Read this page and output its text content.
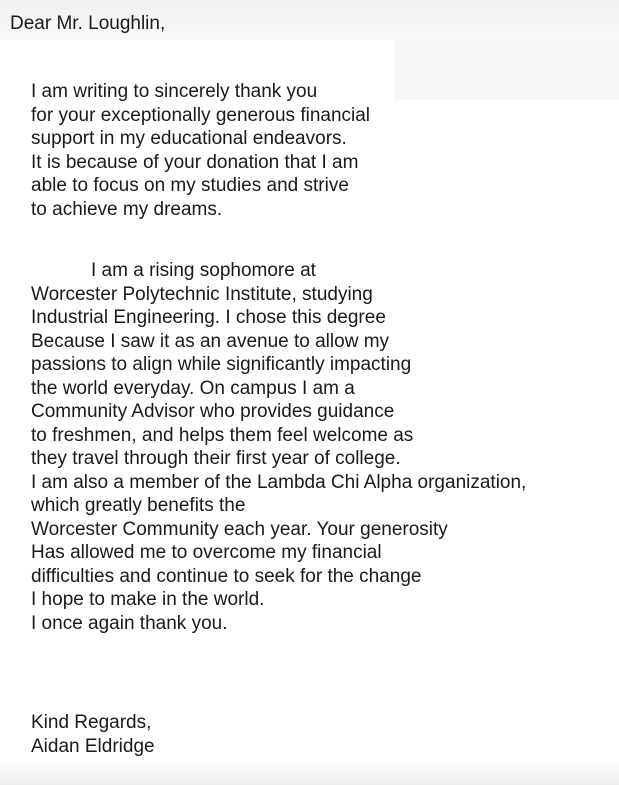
Dear Mr. Loughlin,

I am writing to sincerely thank you
for your exceptionally generous financial
support in my educational endeavors.
It is because of your donation that I am
able to focus on my studies and strive
to achieve my dreams.

I am a rising sophomore at
Worcester Polytechnic Institute, studying
Industrial Engineering. I chose this degree
Because I saw it as an avenue to allow my
passions to align while significantly impacting
the world everyday. On campus I am a
Community Advisor who provides guidance
to freshmen, and helps them feel welcome as
they travel through their first year of college.
I am also a member of the Lambda Chi Alpha organization,
which greatly benefits the
Worcester Community each year. Your generosity
Has allowed me to overcome my financial
difficulties and continue to seek for the change
I hope to make in the world.
I once again thank you.

Kind Regards,
Aidan Eldridge
